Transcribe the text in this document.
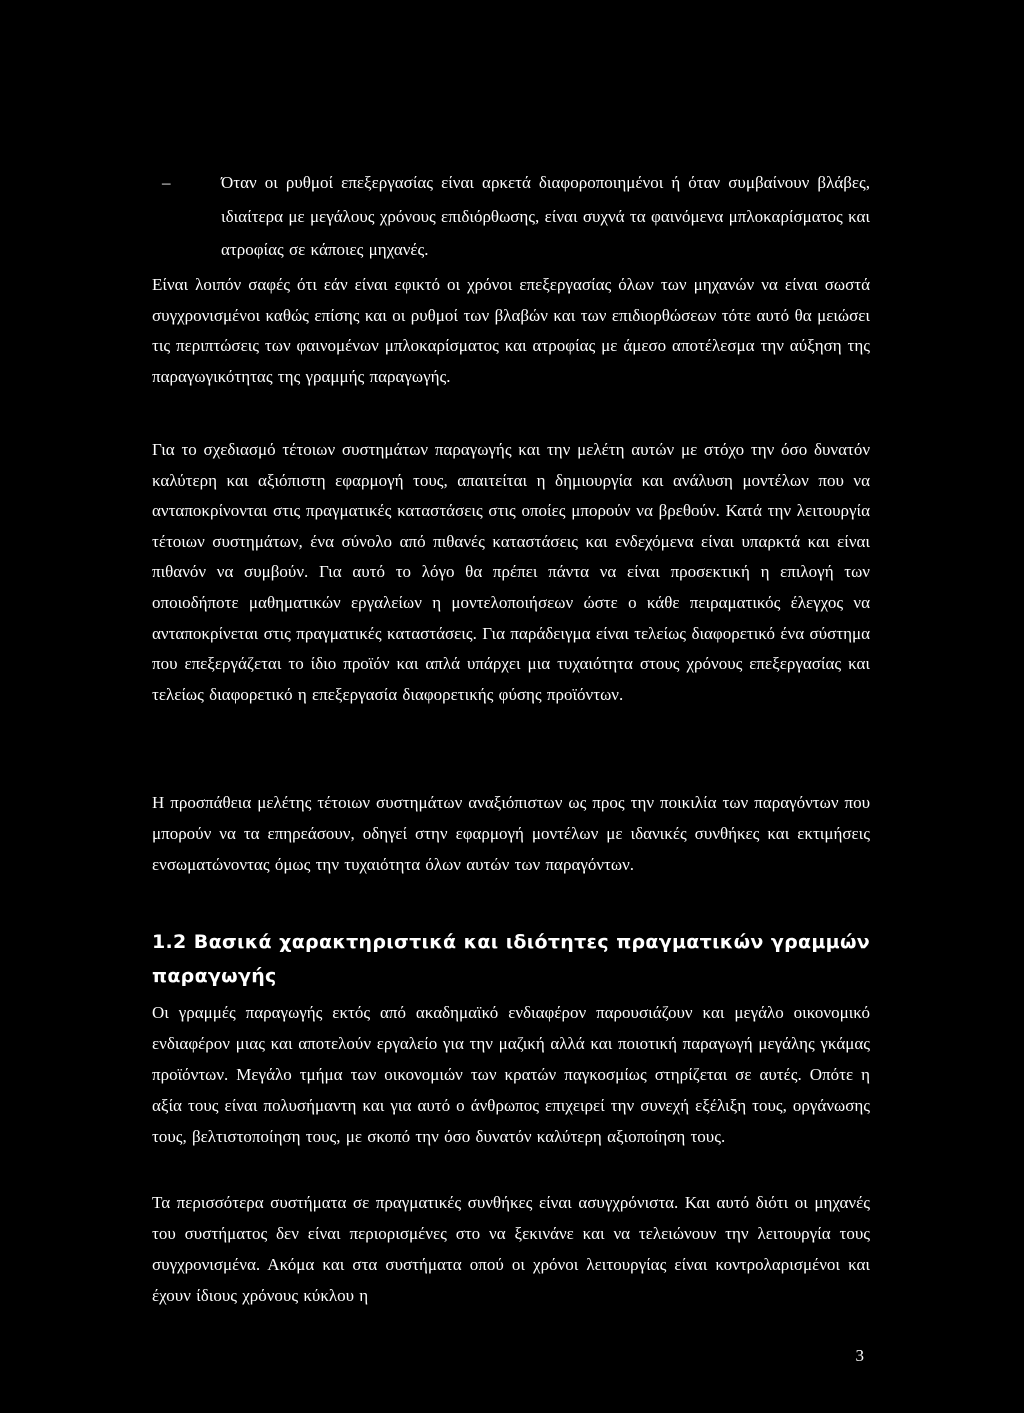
–	Όταν οι ρυθμοί επεξεργασίας είναι αρκετά διαφοροποιημένοι ή όταν συμβαίνουν βλάβες, ιδιαίτερα με μεγάλους χρόνους επιδιόρθωσης, είναι συχνά τα φαινόμενα μπλοκαρίσματος και ατροφίας σε κάποιες μηχανές.

Είναι λοιπόν σαφές ότι εάν είναι εφικτό οι χρόνοι επεξεργασίας όλων των μηχανών να είναι σωστά συγχρονισμένοι καθώς επίσης και οι ρυθμοί των βλαβών και των επιδιορθώσεων τότε αυτό θα μειώσει τις περιπτώσεις των φαινομένων μπλοκαρίσματος και ατροφίας με άμεσο αποτέλεσμα την αύξηση της παραγωγικότητας της γραμμής παραγωγής.

Για το σχεδιασμό τέτοιων συστημάτων παραγωγής και την μελέτη αυτών με στόχο την όσο δυνατόν καλύτερη και αξιόπιστη εφαρμογή τους, απαιτείται η δημιουργία και ανάλυση μοντέλων που να ανταποκρίνονται στις πραγματικές καταστάσεις στις οποίες μπορούν να βρεθούν. Κατά την λειτουργία τέτοιων συστημάτων, ένα σύνολο από πιθανές καταστάσεις και ενδεχόμενα είναι υπαρκτά και είναι πιθανόν να συμβούν. Για αυτό το λόγο θα πρέπει πάντα να είναι προσεκτική η επιλογή των οποιοδήποτε μαθηματικών εργαλείων η μοντελοποιήσεων ώστε ο κάθε πειραματικός έλεγχος να ανταποκρίνεται στις πραγματικές καταστάσεις. Για παράδειγμα είναι τελείως διαφορετικό ένα σύστημα που επεξεργάζεται το ίδιο προϊόν και απλά υπάρχει μια τυχαιότητα στους χρόνους επεξεργασίας και τελείως διαφορετικό η επεξεργασία διαφορετικής φύσης προϊόντων.

Η προσπάθεια μελέτης τέτοιων συστημάτων αναξιόπιστων ως προς την ποικιλία των παραγόντων που μπορούν να τα επηρεάσουν, οδηγεί στην εφαρμογή μοντέλων με ιδανικές συνθήκες και εκτιμήσεις ενσωματώνοντας όμως την τυχαιότητα όλων αυτών των παραγόντων.

1.2 Βασικά χαρακτηριστικά και ιδιότητες πραγματικών γραμμών παραγωγής

Οι γραμμές παραγωγής εκτός από ακαδημαϊκό ενδιαφέρον παρουσιάζουν και μεγάλο οικονομικό ενδιαφέρον μιας και αποτελούν εργαλείο για την μαζική αλλά και ποιοτική παραγωγή μεγάλης γκάμας προϊόντων. Μεγάλο τμήμα των οικονομιών των κρατών παγκοσμίως στηρίζεται σε αυτές. Οπότε η αξία τους είναι πολυσήμαντη και για αυτό ο άνθρωπος επιχειρεί την συνεχή εξέλιξη τους, οργάνωσης τους, βελτιστοποίηση τους, με σκοπό την όσο δυνατόν καλύτερη αξιοποίηση τους.

Τα περισσότερα συστήματα σε πραγματικές συνθήκες είναι ασυγχρόνιστα. Και αυτό διότι οι μηχανές του συστήματος δεν είναι περιορισμένες στο να ξεκινάνε και να τελειώνουν την λειτουργία τους συγχρονισμένα. Ακόμα και στα συστήματα οπού οι χρόνοι λειτουργίας είναι κοντρολαρισμένοι και έχουν ίδιους χρόνους κύκλου η

3
